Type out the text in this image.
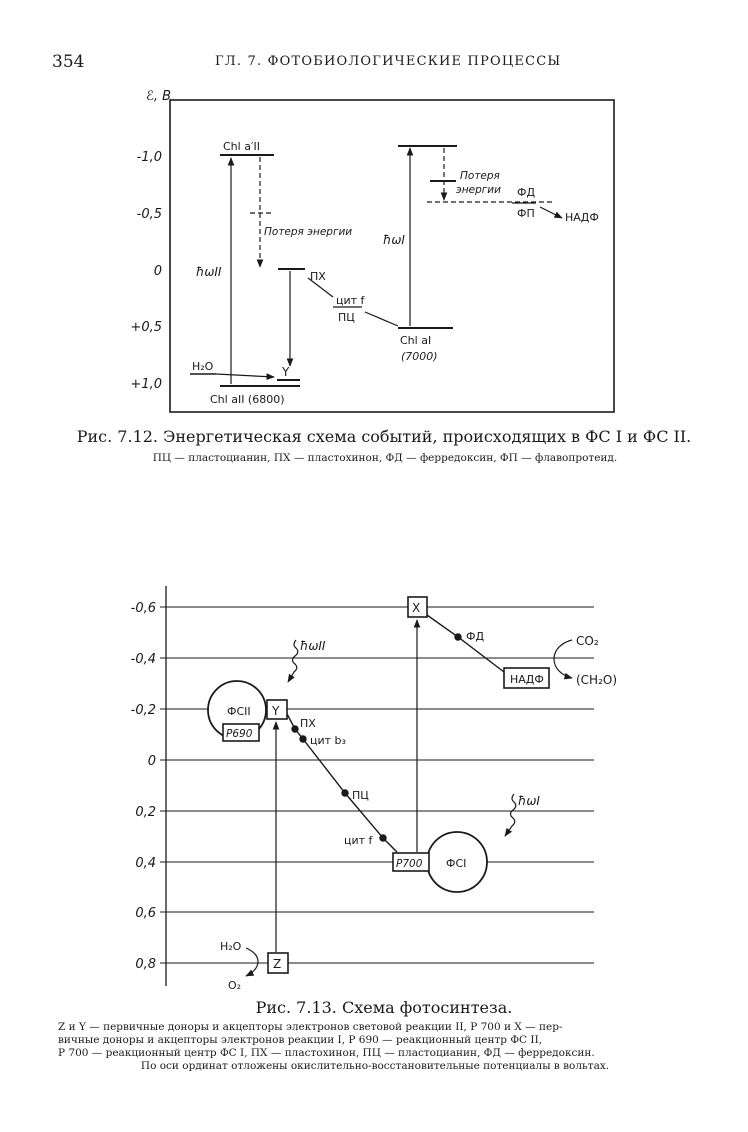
354	ГЛ. 7. ФОТОБИОЛОГИЧЕСКИЕ ПРОЦЕССЫ
ℰ, В
-1,0
-0,5
0
+0,5
+1,0
Chl a′II
Потеря энергии
ħωII	ПХ
цит f
ПЦ
H₂O	Y
Chl aII (6800)
ħωI
Потеря
энергии ФД
ФП	НАДФ
Chl aI
(7000)
-0,6
-0,4
-0,2
0
0,2
0,4
0,6
0,8
X
ФД	CO₂
(CH₂O)
НАДФ
ħωII
ФСII
P690
Y
ПХ
цит b₃
ПЦ
цит f
P700 ФСI
ħωI
H₂O
Z
O₂
Рис. 7.12. Энергетическая схема событий, происходящих в ФС I и ФС II.
ПЦ — пластоцианин, ПХ — пластохинон, ФД — ферредоксин, ФП — флавопротеид.
Рис. 7.13. Схема фотосинтеза.

Z и Y — первичные доноры и акцепторы электронов световой реакции II, P 700 и X — пер-

вичные доноры и акцепторы электронов реакции I, P 690 — реакционный центр ФС II,

P 700 — реакционный центр ФС I, ПХ — пластохинон, ПЦ — пластоцианин, ФД — ферредоксин.

По оси ординат отложены окислительно-восстановительные потенциалы в вольтах.
